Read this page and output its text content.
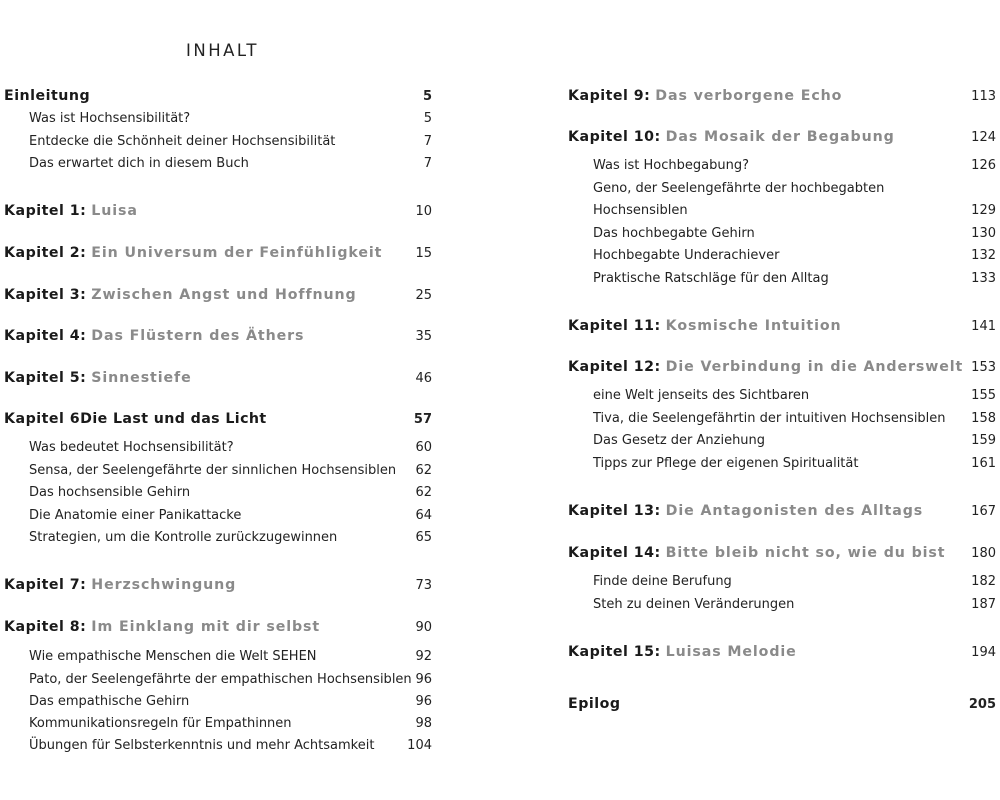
INHALT
Einleitung	5
Was ist Hochsensibilität?	5
Entdecke die Schönheit deiner Hochsensibilität	7
Das erwartet dich in diesem Buch	7
Kapitel 1: Luisa	10
Kapitel 2: Ein Universum der Feinfühligkeit	15
Kapitel 3: Zwischen Angst und Hoffnung	25
Kapitel 4: Das Flüstern des Äthers	35
Kapitel 5: Sinnestiefe	46
Kapitel 6Die Last und das Licht	57
Was bedeutet Hochsensibilität?	60
Sensa, der Seelengefährte der sinnlichen Hochsensiblen 62
Das hochsensible Gehirn	62
Die Anatomie einer Panikattacke	64
Strategien, um die Kontrolle zurückzugewinnen	65
Kapitel 7: Herzschwingung	73
Kapitel 8: Im Einklang mit dir selbst	90
Wie empathische Menschen die Welt SEHEN	92
Pato, der Seelengefährte der empathischen Hochsensiblen 96
Das empathische Gehirn	96
Kommunikationsregeln für Empathinnen	98
Übungen für Selbsterkenntnis und mehr Achtsamkeit	104
Kapitel 9: Das verborgene Echo	113
Kapitel 10: Das Mosaik der Begabung	124
Was ist Hochbegabung?	126
Geno, der Seelengefährte der hochbegabten
Hochsensiblen	129
Das hochbegabte Gehirn	130
Hochbegabte Underachiever	132
Praktische Ratschläge für den Alltag	133
Kapitel 11: Kosmische Intuition	141
Kapitel 12: Die Verbindung in die Anderswelt 153
eine Welt jenseits des Sichtbaren	155
Tiva, die Seelengefährtin der intuitiven Hochsensiblen 158
Das Gesetz der Anziehung	159
Tipps zur Pflege der eigenen Spiritualität	161
Kapitel 13: Die Antagonisten des Alltags	167
Kapitel 14: Bitte bleib nicht so, wie du bist 180
Finde deine Berufung	182
Steh zu deinen Veränderungen	187
Kapitel 15: Luisas Melodie	194
Epilog	205
